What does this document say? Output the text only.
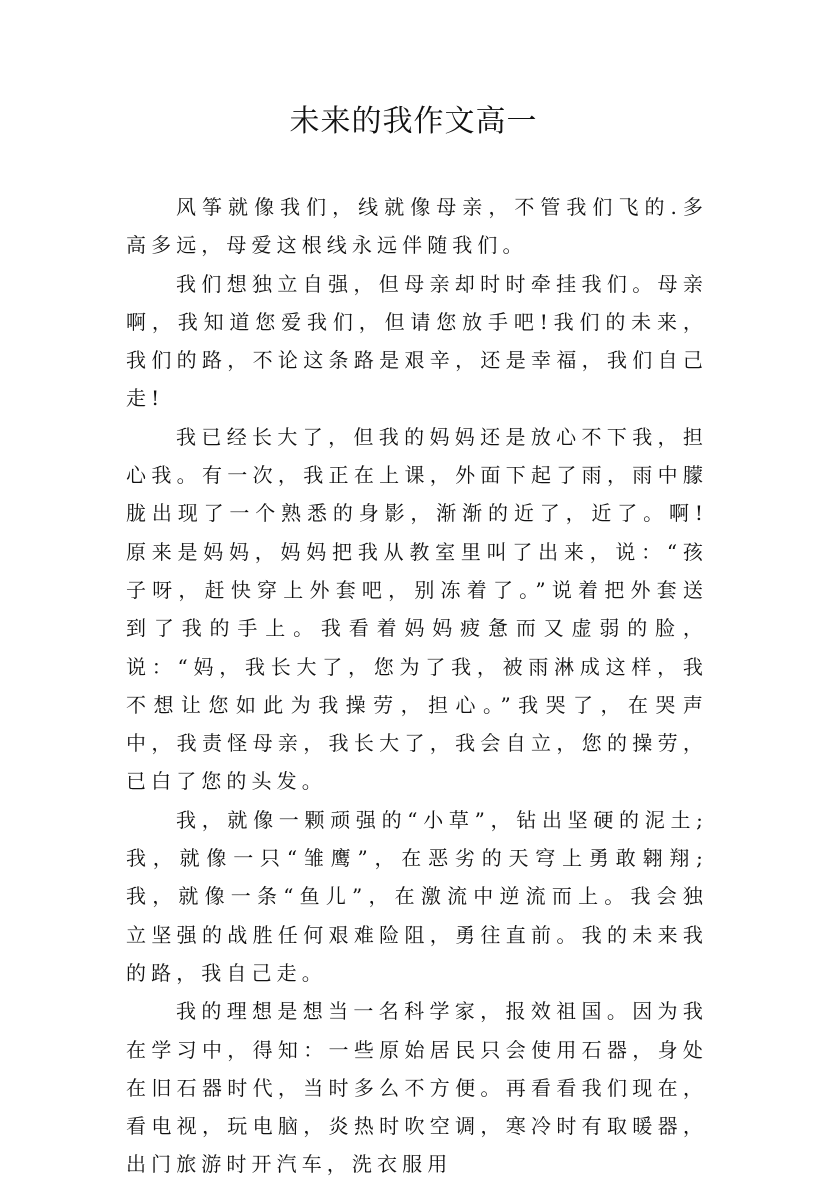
未来的我作文高一

风筝就像我们，线就像母亲，不管我们飞的.多高多远，母爱这根线永远伴随我们。

我们想独立自强，但母亲却时时牵挂我们。母亲啊，我知道您爱我们，但请您放手吧!我们的未来，我们的路，不论这条路是艰辛，还是幸福，我们自己走!

我已经长大了，但我的妈妈还是放心不下我，担心我。有一次，我正在上课，外面下起了雨，雨中朦胧出现了一个熟悉的身影，渐渐的近了，近了。啊!原来是妈妈，妈妈把我从教室里叫了出来，说：“孩子呀，赶快穿上外套吧，别冻着了。”说着把外套送到了我的手上。我看着妈妈疲惫而又虚弱的脸，说：“妈，我长大了，您为了我，被雨淋成这样，我不想让您如此为我操劳，担心。”我哭了，在哭声中，我责怪母亲，我长大了，我会自立，您的操劳，已白了您的头发。

我，就像一颗顽强的“小草”，钻出坚硬的泥土;我，就像一只“雏鹰”，在恶劣的天穹上勇敢翱翔;我，就像一条“鱼儿”，在激流中逆流而上。我会独立坚强的战胜任何艰难险阻，勇往直前。我的未来我的路，我自己走。

我的理想是想当一名科学家，报效祖国。因为我在学习中，得知：一些原始居民只会使用石器，身处在旧石器时代，当时多么不方便。再看看我们现在，看电视，玩电脑，炎热时吹空调，寒冷时有取暖器，出门旅游时开汽车，洗衣服用
